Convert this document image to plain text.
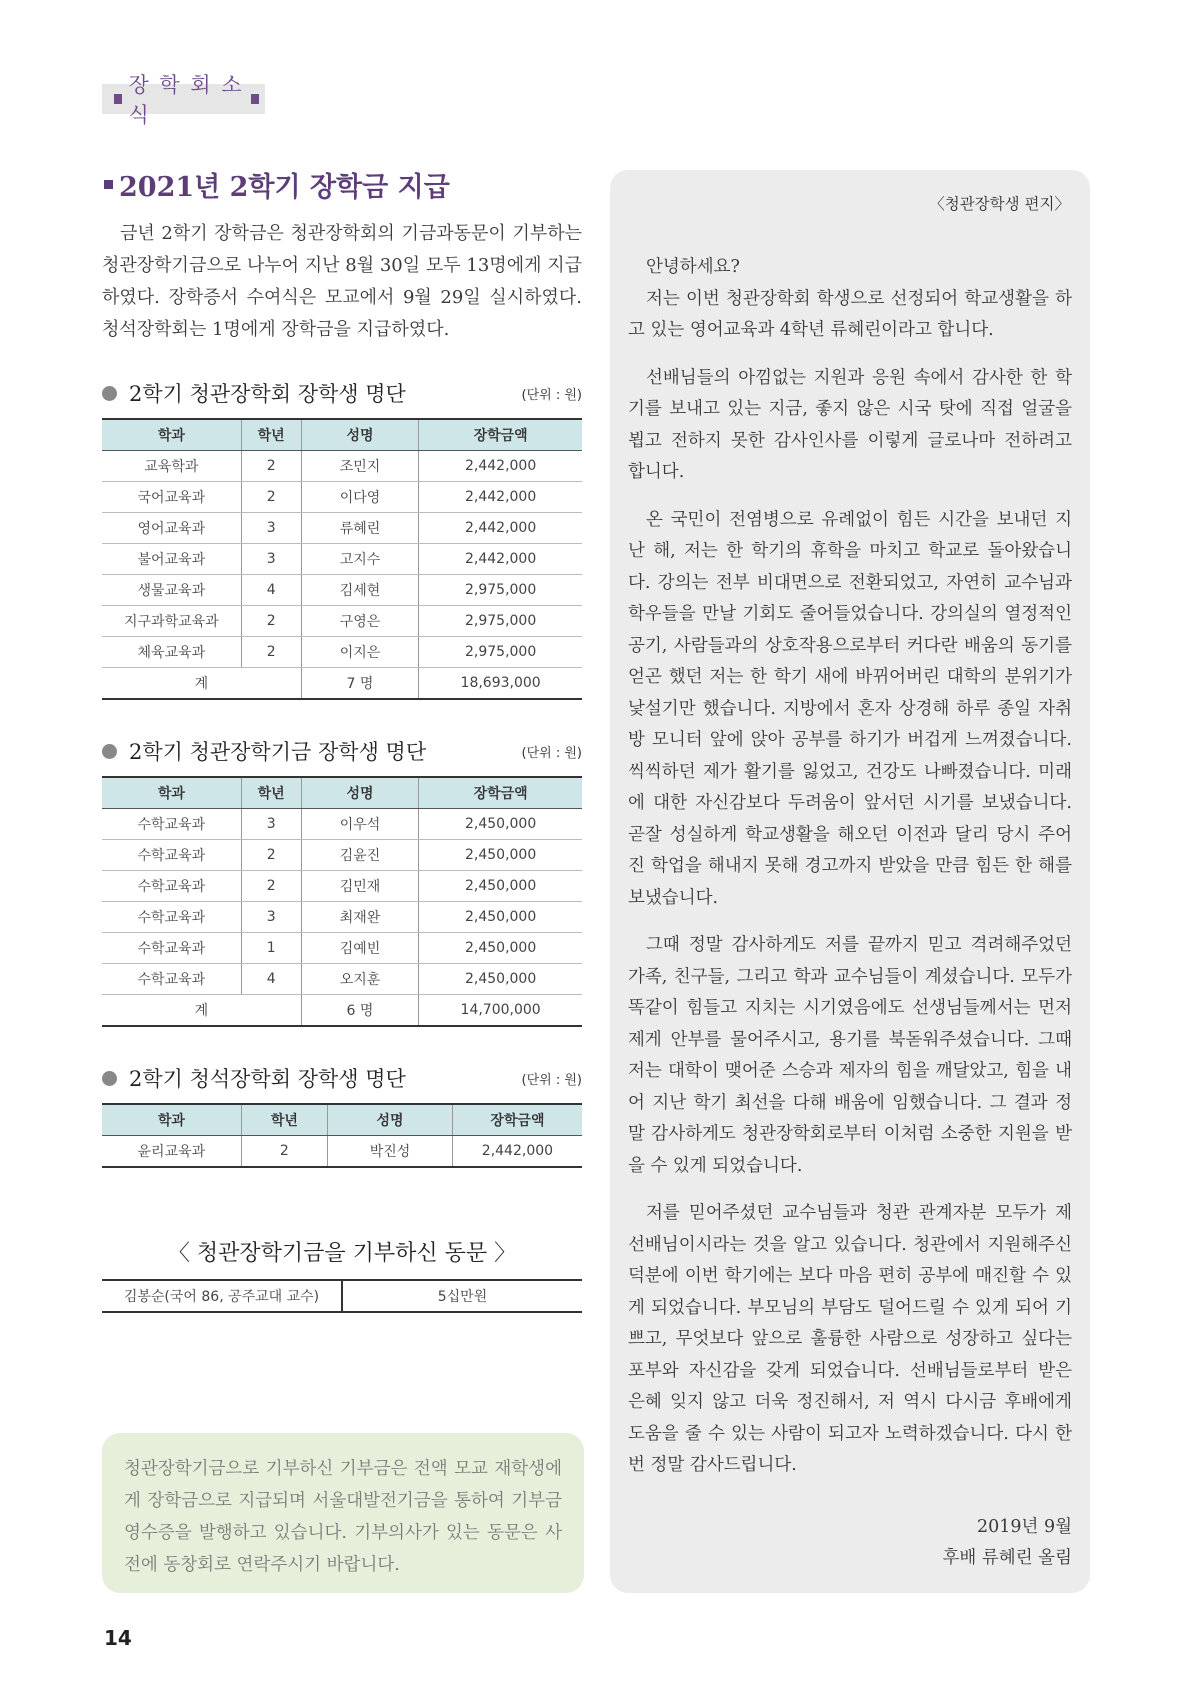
장 학 회 소식
2021년 2학기 장학금 지급
금년 2학기 장학금은 청관장학회의 기금과동문이 기부하는 청관장학기금으로 나누어 지난 8월 30일 모두 13명에게 지급하였다. 장학증서 수여식은 모교에서 9월 29일 실시하였다. 청석장학회는 1명에게 장학금을 지급하였다.
2학기 청관장학회 장학생 명단	(단위 : 원)
학과	학년	성명	장학금액
교육학과	2	조민지	2,442,000
국어교육과	2	이다영	2,442,000
영어교육과	3	류혜린	2,442,000
불어교육과	3	고지수	2,442,000
생물교육과	4	김세현	2,975,000
지구과학교육과	2	구영은	2,975,000
체육교육과	2	이지은	2,975,000
계		7 명	18,693,000
2학기 청관장학기금 장학생 명단	(단위 : 원)
학과	학년	성명	장학금액
수학교육과	3	이우석	2,450,000
수학교육과	2	김윤진	2,450,000
수학교육과	2	김민재	2,450,000
수학교육과	3	최재완	2,450,000
수학교육과	1	김예빈	2,450,000
수학교육과	4	오지훈	2,450,000
계		6 명	14,700,000
2학기 청석장학회 장학생 명단	(단위 : 원)
학과	학년	성명	장학금액
윤리교육과	2	박진성	2,442,000
〈 청관장학기금을 기부하신 동문 〉
김봉순(국어 86, 공주교대 교수)	5십만원
청관장학기금으로 기부하신 기부금은 전액 모교 재학생에게 장학금으로 지급되며 서울대발전기금을 통하여 기부금영수증을 발행하고 있습니다. 기부의사가 있는 동문은 사전에 동창회로 연락주시기 바랍니다.
〈청관장학생 편지〉

안녕하세요?

저는 이번 청관장학회 학생으로 선정되어 학교생활을 하고 있는 영어교육과 4학년 류혜린이라고 합니다.

선배님들의 아낌없는 지원과 응원 속에서 감사한 한 학기를 보내고 있는 지금, 좋지 않은 시국 탓에 직접 얼굴을 뵙고 전하지 못한 감사인사를 이렇게 글로나마 전하려고 합니다.

온 국민이 전염병으로 유례없이 힘든 시간을 보내던 지난 해, 저는 한 학기의 휴학을 마치고 학교로 돌아왔습니다. 강의는 전부 비대면으로 전환되었고, 자연히 교수님과 학우들을 만날 기회도 줄어들었습니다. 강의실의 열정적인 공기, 사람들과의 상호작용으로부터 커다란 배움의 동기를 얻곤 했던 저는 한 학기 새에 바뀌어버린 대학의 분위기가 낯설기만 했습니다. 지방에서 혼자 상경해 하루 종일 자취방 모니터 앞에 앉아 공부를 하기가 버겁게 느껴졌습니다. 씩씩하던 제가 활기를 잃었고, 건강도 나빠졌습니다. 미래에 대한 자신감보다 두려움이 앞서던 시기를 보냈습니다. 곧잘 성실하게 학교생활을 해오던 이전과 달리 당시 주어진 학업을 해내지 못해 경고까지 받았을 만큼 힘든 한 해를 보냈습니다.

그때 정말 감사하게도 저를 끝까지 믿고 격려해주었던 가족, 친구들, 그리고 학과 교수님들이 계셨습니다. 모두가 똑같이 힘들고 지치는 시기였음에도 선생님들께서는 먼저 제게 안부를 물어주시고, 용기를 북돋워주셨습니다. 그때 저는 대학이 맺어준 스승과 제자의 힘을 깨달았고, 힘을 내어 지난 학기 최선을 다해 배움에 임했습니다. 그 결과 정말 감사하게도 청관장학회로부터 이처럼 소중한 지원을 받을 수 있게 되었습니다.

저를 믿어주셨던 교수님들과 청관 관계자분 모두가 제 선배님이시라는 것을 알고 있습니다. 청관에서 지원해주신 덕분에 이번 학기에는 보다 마음 편히 공부에 매진할 수 있게 되었습니다. 부모님의 부담도 덜어드릴 수 있게 되어 기쁘고, 무엇보다 앞으로 훌륭한 사람으로 성장하고 싶다는 포부와 자신감을 갖게 되었습니다. 선배님들로부터 받은 은혜 잊지 않고 더욱 정진해서, 저 역시 다시금 후배에게 도움을 줄 수 있는 사람이 되고자 노력하겠습니다. 다시 한번 정말 감사드립니다.

2019년 9월
후배 류혜린 올림
14
